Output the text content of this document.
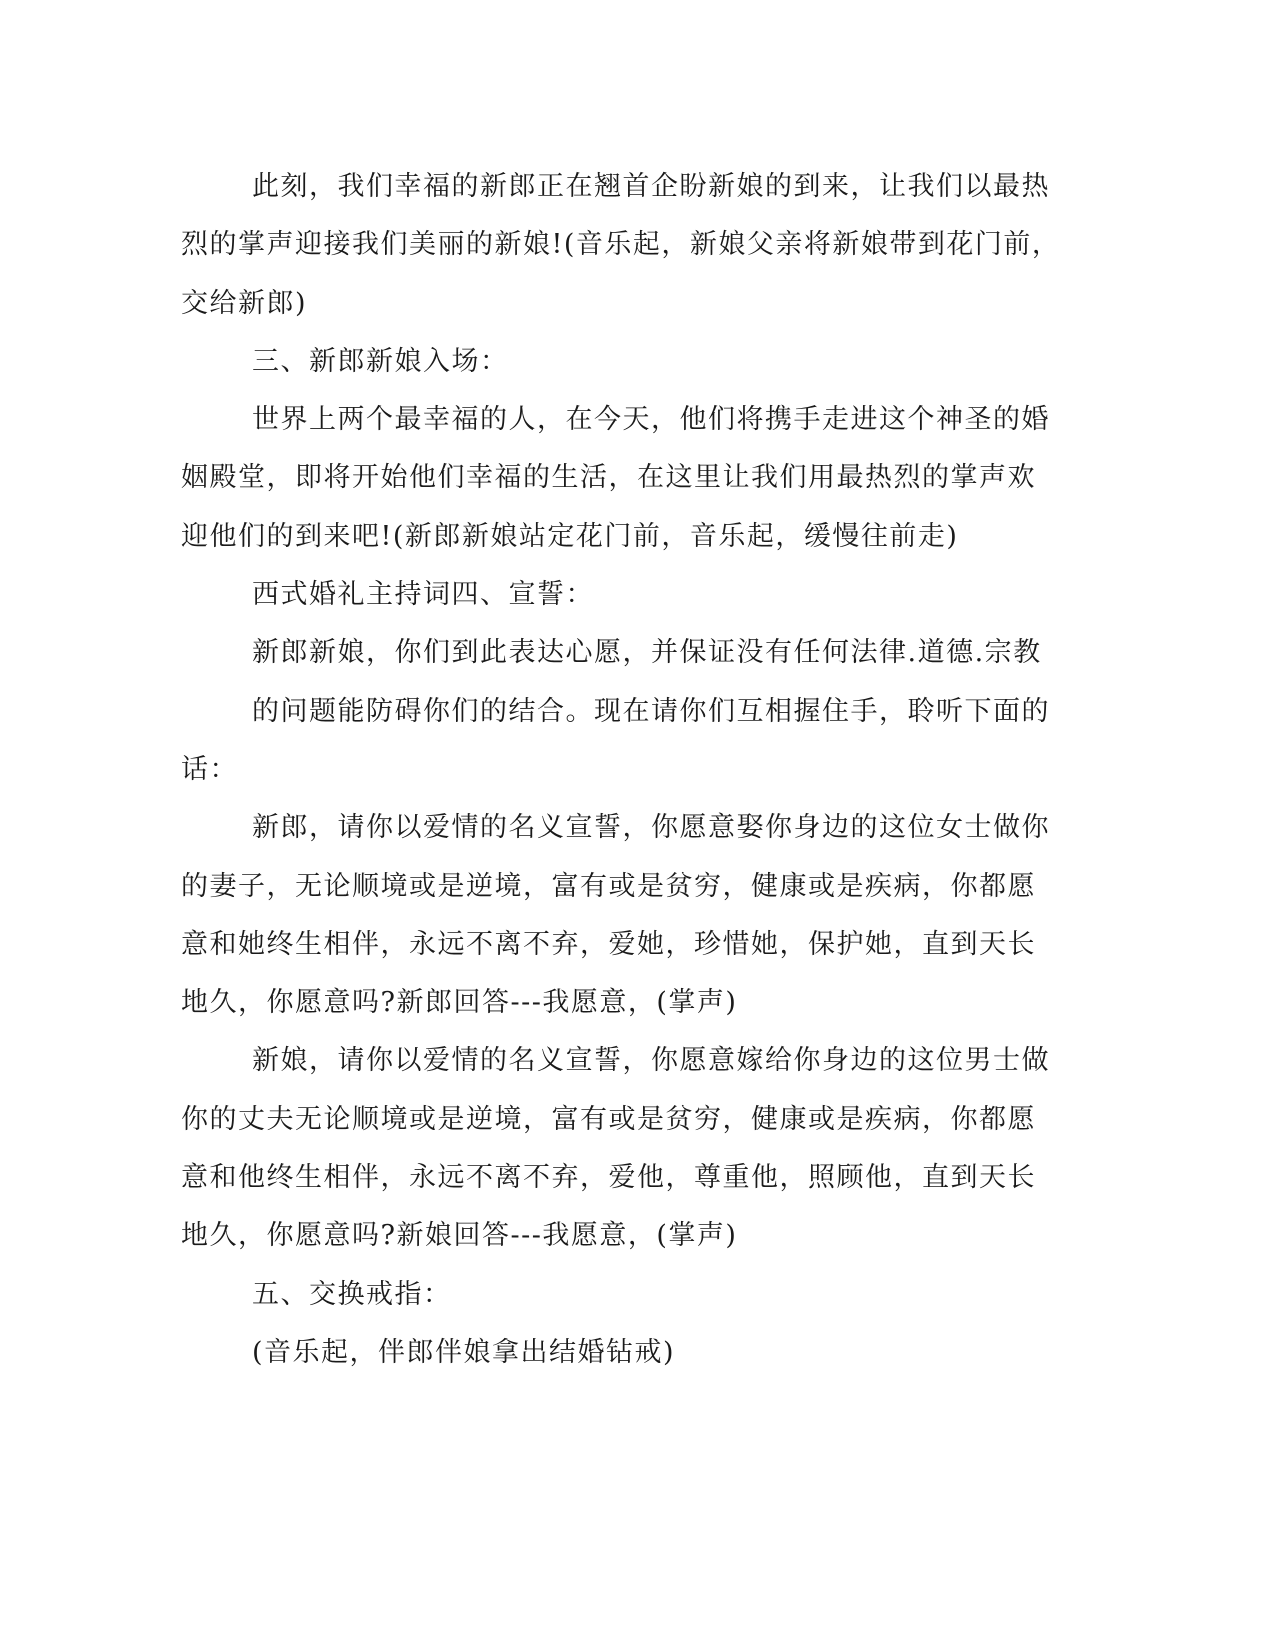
此刻，我们幸福的新郎正在翘首企盼新娘的到来，让我们以最热
烈的掌声迎接我们美丽的新娘!(音乐起，新娘父亲将新娘带到花门前，
交给新郎)
三、新郎新娘入场：
世界上两个最幸福的人，在今天，他们将携手走进这个神圣的婚
姻殿堂，即将开始他们幸福的生活，在这里让我们用最热烈的掌声欢
迎他们的到来吧!(新郎新娘站定花门前，音乐起，缓慢往前走)
西式婚礼主持词四、宣誓：
新郎新娘，你们到此表达心愿，并保证没有任何法律.道德.宗教
的问题能防碍你们的结合。现在请你们互相握住手，聆听下面的
话：
新郎，请你以爱情的名义宣誓，你愿意娶你身边的这位女士做你
的妻子，无论顺境或是逆境，富有或是贫穷，健康或是疾病，你都愿
意和她终生相伴，永远不离不弃，爱她，珍惜她，保护她，直到天长
地久，你愿意吗?新郎回答---我愿意，(掌声)
新娘，请你以爱情的名义宣誓，你愿意嫁给你身边的这位男士做
你的丈夫无论顺境或是逆境，富有或是贫穷，健康或是疾病，你都愿
意和他终生相伴，永远不离不弃，爱他，尊重他，照顾他，直到天长
地久，你愿意吗?新娘回答---我愿意，(掌声)
五、交换戒指：
(音乐起，伴郎伴娘拿出结婚钻戒)
